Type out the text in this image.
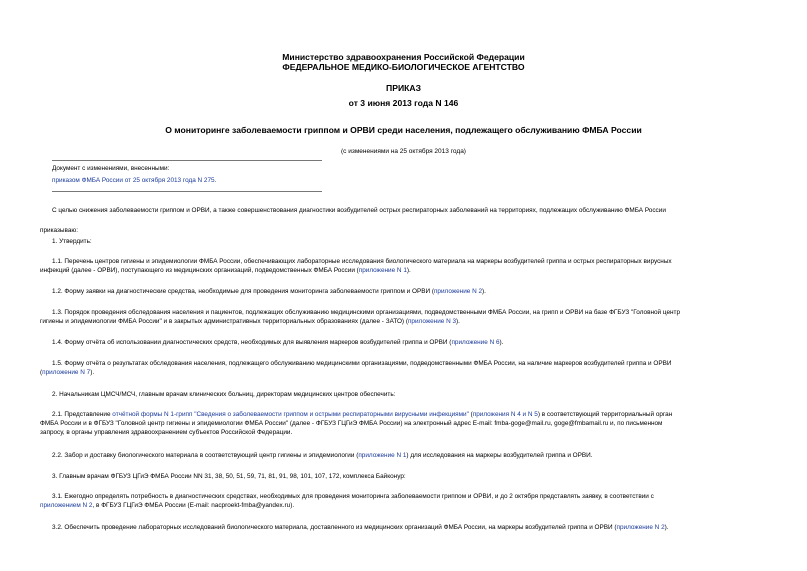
Министерство здравоохранения Российской Федерации
ФЕДЕРАЛЬНОЕ МЕДИКО-БИОЛОГИЧЕСКОЕ АГЕНТСТВО
ПРИКАЗ
от 3 июня 2013 года N 146
О мониторинге заболеваемости гриппом и ОРВИ среди населения, подлежащего обслуживанию ФМБА России
(с изменениями на 25 октября 2013 года)
Документ с изменениями, внесенными:
приказом ФМБА России от 25 октября 2013 года N 275.
С целью снижения заболеваемости гриппом и ОРВИ, а также совершенствования диагностики возбудителей острых респираторных заболеваний на территориях, подлежащих обслуживанию ФМБА России
приказываю:
1. Утвердить:
1.1. Перечень центров гигиены и эпидемиологии ФМБА России, обеспечивающих лабораторные исследования биологического материала на маркеры возбудителей гриппа и острых респираторных вирусных
инфекций (далее - ОРВИ), поступающего из медицинских организаций, подведомственных ФМБА России (приложение N 1).
1.2. Форму заявки на диагностические средства, необходимые для проведения мониторинга заболеваемости гриппом и ОРВИ (приложение N 2).
1.3. Порядок проведения обследования населения и пациентов, подлежащих обслуживанию медицинскими организациями, подведомственными ФМБА России, на грипп и ОРВИ на базе ФГБУЗ "Головной центр
гигиены и эпидемиологии ФМБА России" и в закрытых административных территориальных образованиях (далее - ЗАТО) (приложение N 3).
1.4. Форму отчёта об использовании диагностических средств, необходимых для выявления маркеров возбудителей гриппа и ОРВИ (приложение N 6).
1.5. Форму отчёта о результатах обследования населения, подлежащего обслуживанию медицинскими организациями, подведомственными ФМБА России, на наличие маркеров возбудителей гриппа и ОРВИ
(приложение N 7).
2. Начальникам ЦМСЧ/МСЧ, главным врачам клинических больниц, директорам медицинских центров обеспечить:
2.1. Представление отчётной формы N 1-грипп "Сведения о заболеваемости гриппом и острыми респираторными вирусными инфекциями" (приложения N 4 и N 5) в соответствующий территориальный орган
ФМБА России и в ФГБУЗ "Головной центр гигиены и эпидемиологии ФМБА России" (далее - ФГБУЗ ГЦГиЭ ФМБА России) на электронный адрес E-mail: fmba-goge@mail.ru, goge@fmbamail.ru и, по письменном
запросу, в органы управления здравоохранением субъектов Российской Федерации.
2.2. Забор и доставку биологического материала в соответствующий центр гигиены и эпидемиологии (приложение N 1) для исследования на маркеры возбудителей гриппа и ОРВИ.
3. Главным врачам ФГБУЗ ЦГиЭ ФМБА России NN 31, 38, 50, 51, 59, 71, 81, 91, 98, 101, 107, 172, комплекса Байконур:
3.1. Ежегодно определять потребность в диагностических средствах, необходимых для проведения мониторинга заболеваемости гриппом и ОРВИ, и до 2 октября представлять заявку, в соответствии с
приложением N 2, в ФГБУЗ ГЦГиЭ ФМБА России (E-mail: nacproekt-fmba@yandex.ru).
3.2. Обеспечить проведение лабораторных исследований биологического материала, доставленного из медицинских организаций ФМБА России, на маркеры возбудителей гриппа и ОРВИ (приложение N 2).
